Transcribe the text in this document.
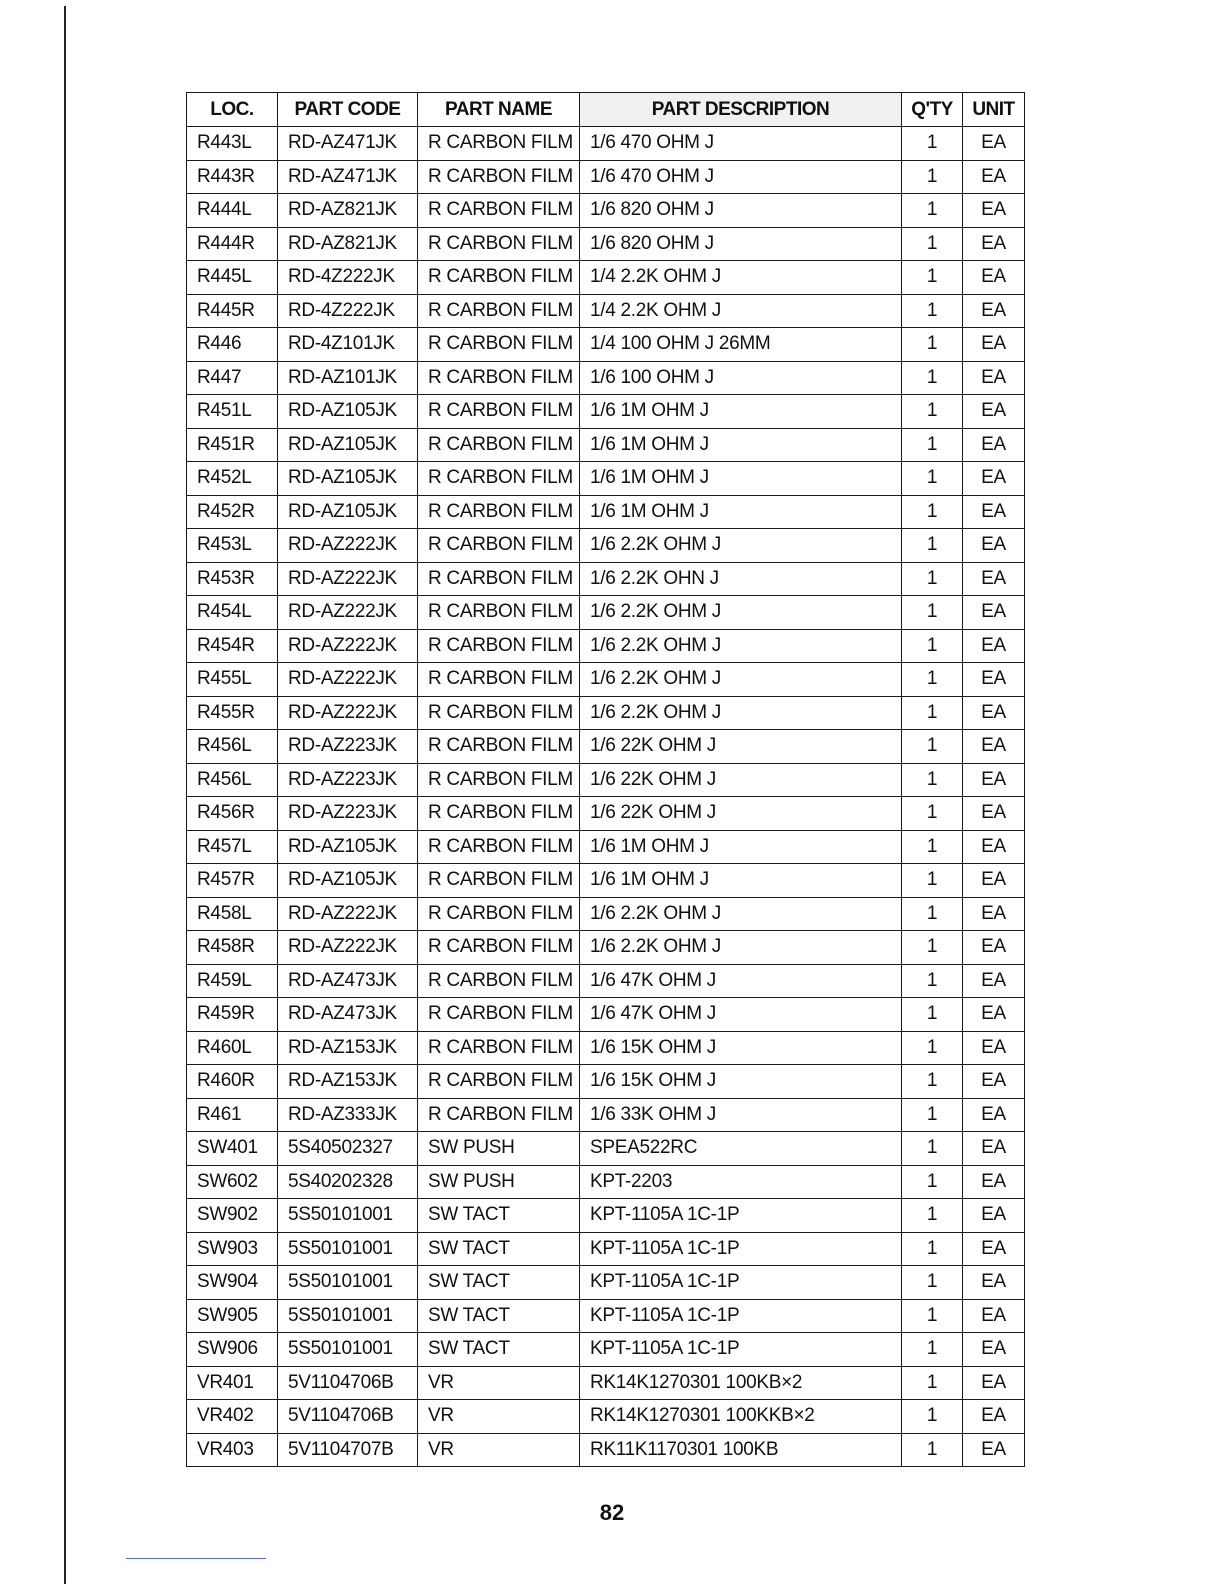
LOC.	PART CODE	PART NAME	PART DESCRIPTION	Q'TY	UNIT
R443L	RD-AZ471JK	R CARBON FILM	1/6 470 OHM J	1	EA
R443R	RD-AZ471JK	R CARBON FILM	1/6 470 OHM J	1	EA
R444L	RD-AZ821JK	R CARBON FILM	1/6 820 OHM J	1	EA
R444R	RD-AZ821JK	R CARBON FILM	1/6 820 OHM J	1	EA
R445L	RD-4Z222JK	R CARBON FILM	1/4 2.2K OHM J	1	EA
R445R	RD-4Z222JK	R CARBON FILM	1/4 2.2K OHM J	1	EA
R446	RD-4Z101JK	R CARBON FILM	1/4 100 OHM J 26MM	1	EA
R447	RD-AZ101JK	R CARBON FILM	1/6 100 OHM J	1	EA
R451L	RD-AZ105JK	R CARBON FILM	1/6 1M OHM J	1	EA
R451R	RD-AZ105JK	R CARBON FILM	1/6 1M OHM J	1	EA
R452L	RD-AZ105JK	R CARBON FILM	1/6 1M OHM J	1	EA
R452R	RD-AZ105JK	R CARBON FILM	1/6 1M OHM J	1	EA
R453L	RD-AZ222JK	R CARBON FILM	1/6 2.2K OHM J	1	EA
R453R	RD-AZ222JK	R CARBON FILM	1/6 2.2K OHN J	1	EA
R454L	RD-AZ222JK	R CARBON FILM	1/6 2.2K OHM J	1	EA
R454R	RD-AZ222JK	R CARBON FILM	1/6 2.2K OHM J	1	EA
R455L	RD-AZ222JK	R CARBON FILM	1/6 2.2K OHM J	1	EA
R455R	RD-AZ222JK	R CARBON FILM	1/6 2.2K OHM J	1	EA
R456L	RD-AZ223JK	R CARBON FILM	1/6 22K OHM J	1	EA
R456L	RD-AZ223JK	R CARBON FILM	1/6 22K OHM J	1	EA
R456R	RD-AZ223JK	R CARBON FILM	1/6 22K OHM J	1	EA
R457L	RD-AZ105JK	R CARBON FILM	1/6 1M OHM J	1	EA
R457R	RD-AZ105JK	R CARBON FILM	1/6 1M OHM J	1	EA
R458L	RD-AZ222JK	R CARBON FILM	1/6 2.2K OHM J	1	EA
R458R	RD-AZ222JK	R CARBON FILM	1/6 2.2K OHM J	1	EA
R459L	RD-AZ473JK	R CARBON FILM	1/6 47K OHM J	1	EA
R459R	RD-AZ473JK	R CARBON FILM	1/6 47K OHM J	1	EA
R460L	RD-AZ153JK	R CARBON FILM	1/6 15K OHM J	1	EA
R460R	RD-AZ153JK	R CARBON FILM	1/6 15K OHM J	1	EA
R461	RD-AZ333JK	R CARBON FILM	1/6 33K OHM J	1	EA
SW401	5S40502327	SW PUSH	SPEA522RC	1	EA
SW602	5S40202328	SW PUSH	KPT-2203	1	EA
SW902	5S50101001	SW TACT	KPT-1105A 1C-1P	1	EA
SW903	5S50101001	SW TACT	KPT-1105A 1C-1P	1	EA
SW904	5S50101001	SW TACT	KPT-1105A 1C-1P	1	EA
SW905	5S50101001	SW TACT	KPT-1105A 1C-1P	1	EA
SW906	5S50101001	SW TACT	KPT-1105A 1C-1P	1	EA
VR401	5V1104706B	VR	RK14K1270301 100KB×2	1	EA
VR402	5V1104706B	VR	RK14K1270301 100KKB×2	1	EA
VR403	5V1104707B	VR	RK11K1170301 100KB	1	EA
82
